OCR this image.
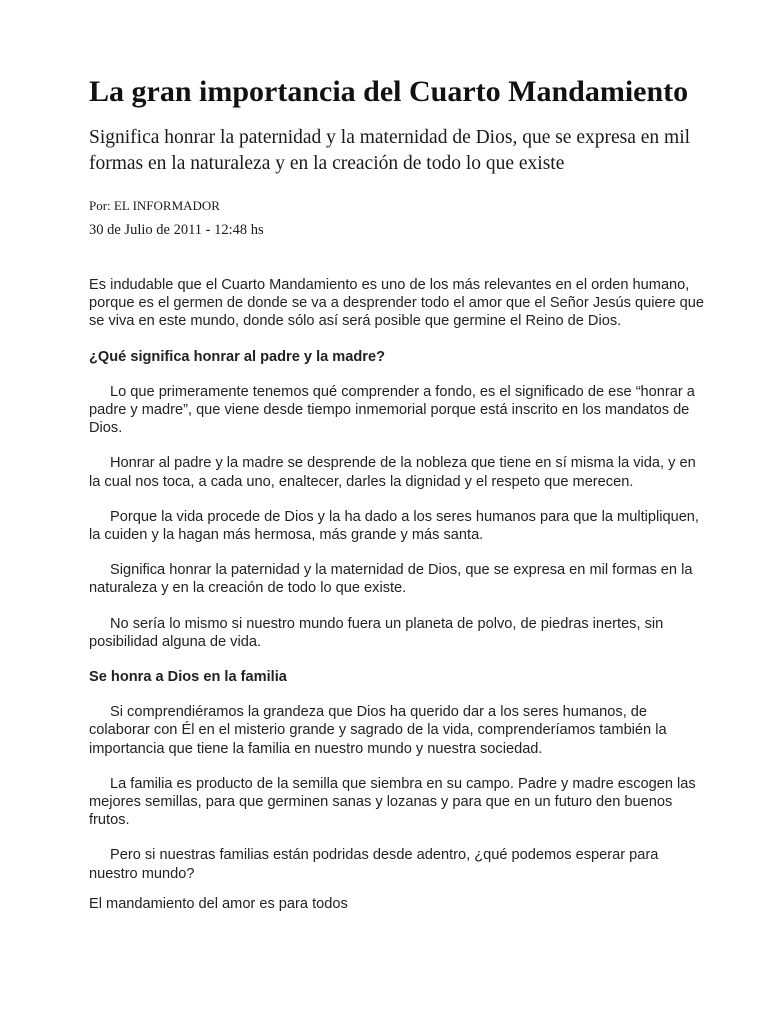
La gran importancia del Cuarto Mandamiento

Significa honrar la paternidad y la maternidad de Dios, que se expresa en mil formas en la naturaleza y en la creación de todo lo que existe

Por: EL INFORMADOR
30 de Julio de 2011 - 12:48 hs

Es indudable que el Cuarto Mandamiento es uno de los más relevantes en el orden humano, porque es el germen de donde se va a desprender todo el amor que el Señor Jesús quiere que se viva en este mundo, donde sólo así será posible que germine el Reino de Dios.

¿Qué significa honrar al padre y la madre?

Lo que primeramente tenemos qué comprender a fondo, es el significado de ese “honrar a padre y madre”, que viene desde tiempo inmemorial porque está inscrito en los mandatos de Dios.

Honrar al padre y la madre se desprende de la nobleza que tiene en sí misma la vida, y en la cual nos toca, a cada uno, enaltecer, darles la dignidad y el respeto que merecen.

Porque la vida procede de Dios y la ha dado a los seres humanos para que la multipliquen, la cuiden y la hagan más hermosa, más grande y más santa.

Significa honrar la paternidad y la maternidad de Dios, que se expresa en mil formas en la naturaleza y en la creación de todo lo que existe.

No sería lo mismo si nuestro mundo fuera un planeta de polvo, de piedras inertes, sin posibilidad alguna de vida.

Se honra a Dios en la familia

Si comprendiéramos la grandeza que Dios ha querido dar a los seres humanos, de colaborar con Él en el misterio grande y sagrado de la vida, comprenderíamos también la importancia que tiene la familia en nuestro mundo y nuestra sociedad.

La familia es producto de la semilla que siembra en su campo. Padre y madre escogen las mejores semillas, para que germinen sanas y lozanas y para que en un futuro den buenos frutos.

Pero si nuestras familias están podridas desde adentro, ¿qué podemos esperar para nuestro mundo?

El mandamiento del amor es para todos
